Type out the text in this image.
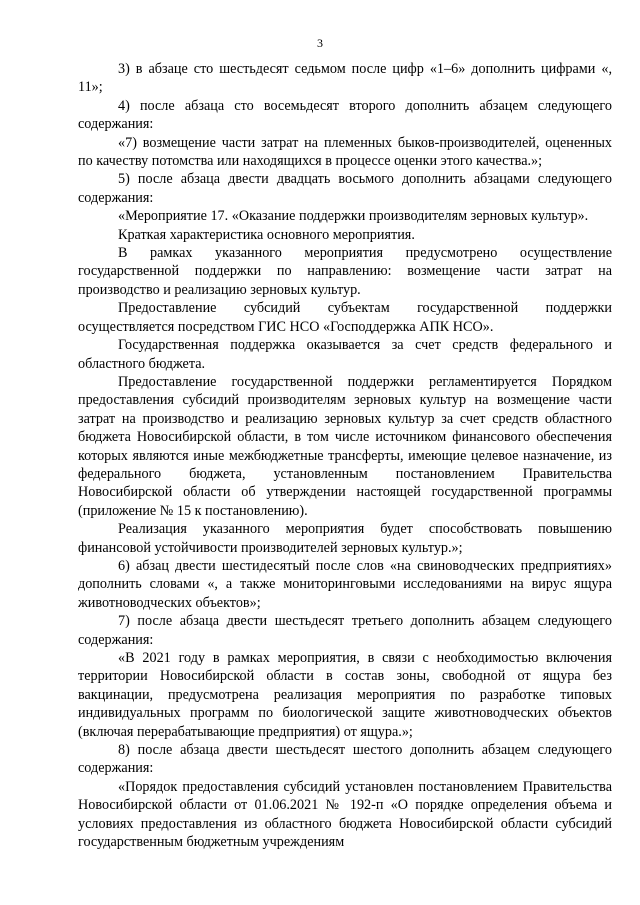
3

3) в абзаце сто шестьдесят седьмом после цифр «1–6» дополнить цифрами «, 11»;

4) после абзаца сто восемьдесят второго дополнить абзацем следующего содержания:

«7) возмещение части затрат на племенных быков-производителей, оцененных по качеству потомства или находящихся в процессе оценки этого качества.»;

5) после абзаца двести двадцать восьмого дополнить абзацами следующего содержания:

«Мероприятие 17. «Оказание поддержки производителям зерновых культур».

Краткая характеристика основного мероприятия.

В рамках указанного мероприятия предусмотрено осуществление государственной поддержки по направлению: возмещение части затрат на производство и реализацию зерновых культур.

Предоставление субсидий субъектам государственной поддержки осуществляется посредством ГИС НСО «Господдержка АПК НСО».

Государственная поддержка оказывается за счет средств федерального и областного бюджета.

Предоставление государственной поддержки регламентируется Порядком предоставления субсидий производителям зерновых культур на возмещение части затрат на производство и реализацию зерновых культур за счет средств областного бюджета Новосибирской области, в том числе источником финансового обеспечения которых являются иные межбюджетные трансферты, имеющие целевое назначение, из федерального бюджета, установленным постановлением Правительства Новосибирской области об утверждении настоящей государственной программы (приложение № 15 к постановлению).

Реализация указанного мероприятия будет способствовать повышению финансовой устойчивости производителей зерновых культур.»;

6) абзац двести шестидесятый после слов «на свиноводческих предприятиях» дополнить словами «, а также мониторинговыми исследованиями на вирус ящура животноводческих объектов»;

7) после абзаца двести шестьдесят третьего дополнить абзацем следующего содержания:

«В 2021 году в рамках мероприятия, в связи с необходимостью включения территории Новосибирской области в состав зоны, свободной от ящура без вакцинации, предусмотрена реализация мероприятия по разработке типовых индивидуальных программ по биологической защите животноводческих объектов (включая перерабатывающие предприятия) от ящура.»;

8) после абзаца двести шестьдесят шестого дополнить абзацем следующего содержания:

«Порядок предоставления субсидий установлен постановлением Правительства Новосибирской области от 01.06.2021 № 192-п «О порядке определения объема и условиях предоставления из областного бюджета Новосибирской области субсидий государственным бюджетным учреждениям
